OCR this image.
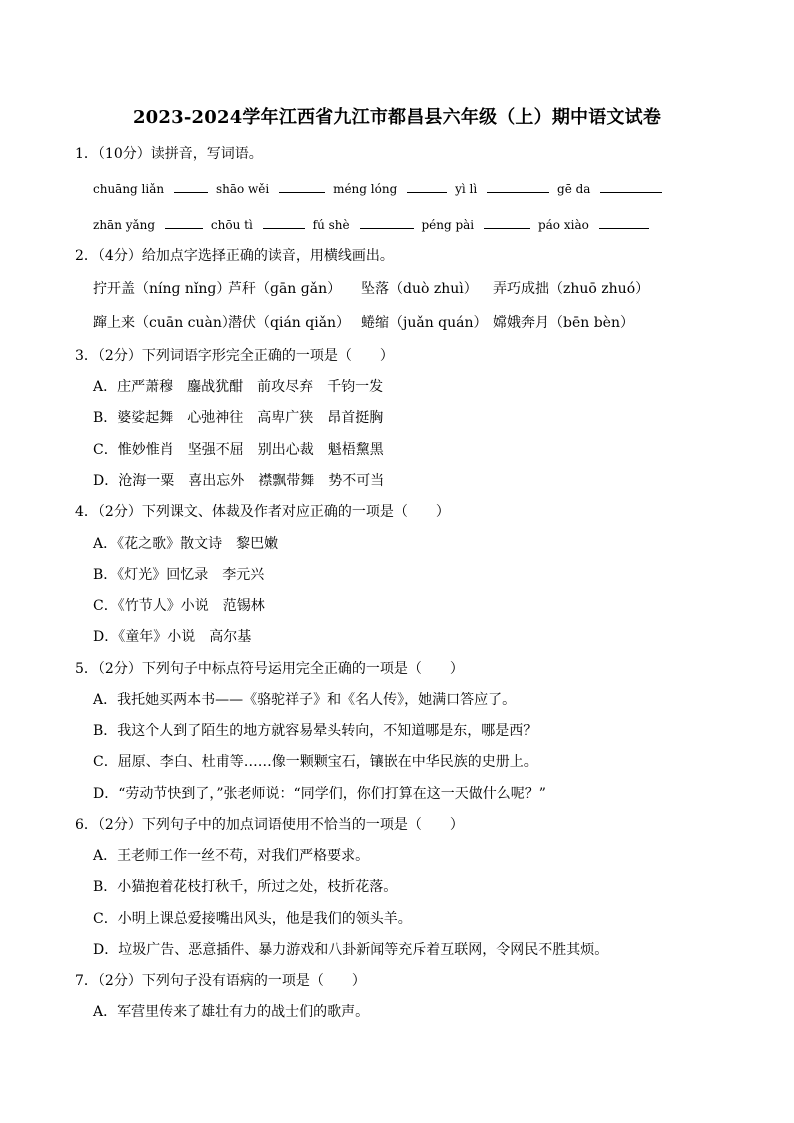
2023-2024学年江西省九江市都昌县六年级（上）期中语文试卷
1．（10分）读拼音，写词语。
chuāng liǎn	shāo wěi	méng lóng	yì lì	gē da
zhān yǎng	chōu tì	fú shè	péng pài	páo xiào
2．（4分）给加点字选择正确的读音，用横线画出。
拧开盖（nínɡ nǐnɡ）
芦秆（ɡān ɡǎn） 坠落（duò zhuì） 弄巧成拙（zhuō zhuó）
蹿上来（cuān cuàn）
潜伏（qián qiǎn） 蜷缩（juǎn quán） 嫦娥奔月（bēn bèn）
3．（2分）下列词语字形完全正确的一项是（　　）
A．庄严萧穆　鏖战犹酣　前攻尽弃　千钧一发
B．婆娑起舞　心弛神往　高卑广狭　昂首挺胸
C．惟妙惟肖　坚强不屈　别出心裁　魁梧黧黑
D．沧海一粟　喜出忘外　襟飘带舞　势不可当
4．（2分）下列课文、体裁及作者对应正确的一项是（　　）
A．《花之歌》散文诗　黎巴嫩
B．《灯光》回忆录　李元兴
C．《竹节人》小说　范锡林
D．《童年》小说　高尔基
5．（2分）下列句子中标点符号运用完全正确的一项是（　　）
A．我托她买两本书——《骆驼祥子》和《名人传》，她满口答应了。
B．我这个人到了陌生的地方就容易晕头转向，不知道哪是东，哪是西？
C．屈原、李白、杜甫等……像一颗颗宝石，镶嵌在中华民族的史册上。
D．“劳动节快到了，”张老师说：“同学们，你们打算在这一天做什么呢？”
6．（2分）下列句子中的加点词语使用不恰当的一项是（　　）
A．王老师工作一丝不苟，对我们严格要求。
B．小猫抱着花枝打秋千，所过之处，枝折花落。
C．小明上课总爱接嘴出风头，他是我们的领头羊。
D．垃圾广告、恶意插件、暴力游戏和八卦新闻等充斥着互联网，令网民不胜其烦。
7．（2分）下列句子没有语病的一项是（　　）
A．军营里传来了雄壮有力的战士们的歌声。
